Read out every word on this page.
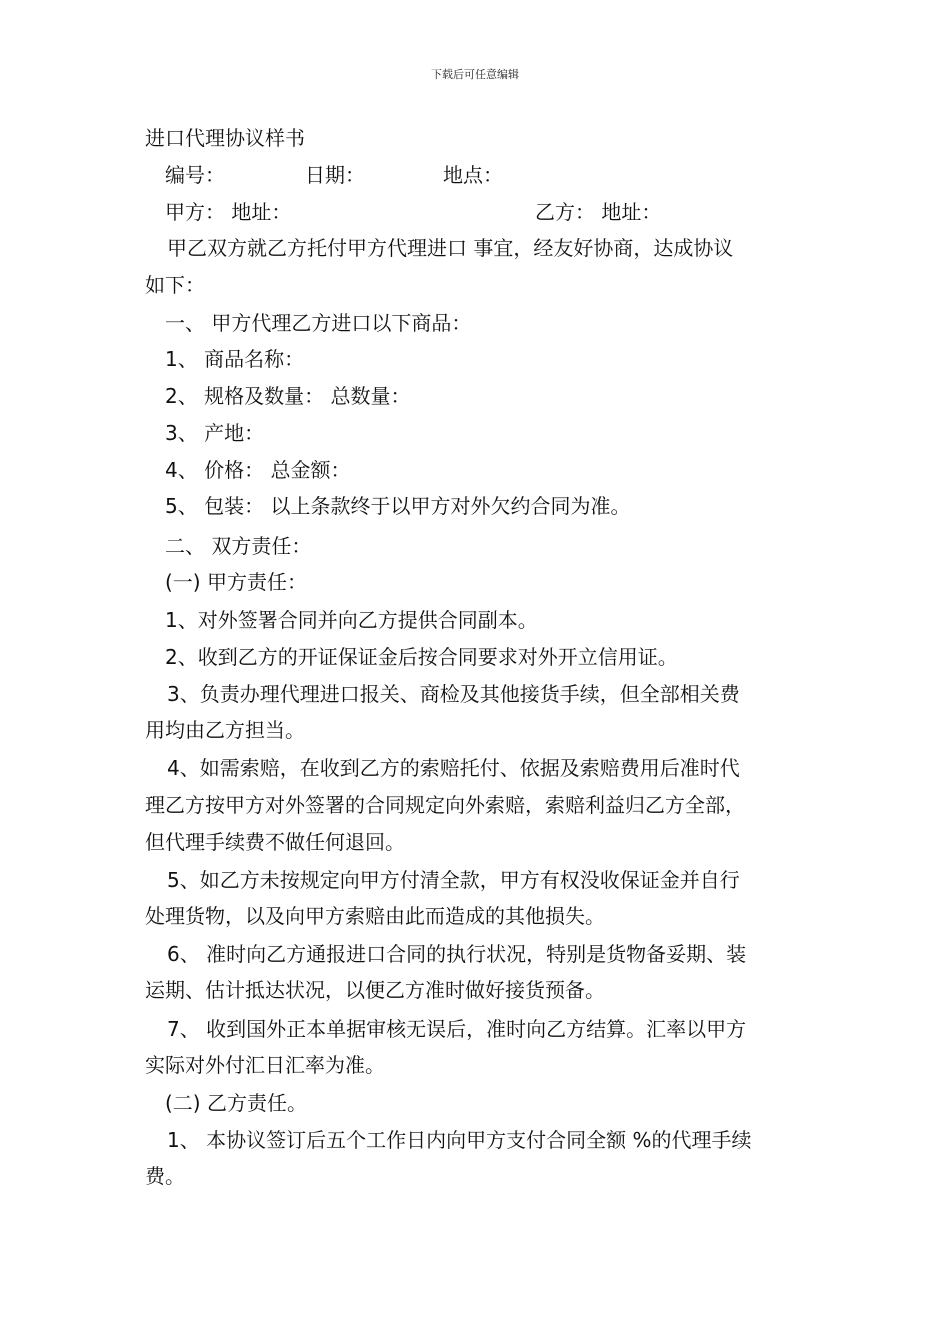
下载后可任意编辑
进口代理协议样书
编号：	日期：	地点：
甲方： 地址：	乙方： 地址：
甲乙双方就乙方托付甲方代理进口 事宜，经友好协商，达成协议
如下：
一、 甲方代理乙方进口以下商品：
1、 商品名称：
2、 规格及数量： 总数量：
3、 产地：
4、 价格： 总金额：
5、 包装： 以上条款终于以甲方对外欠约合同为准。
二、 双方责任：
(一) 甲方责任：
1、对外签署合同并向乙方提供合同副本。
2、收到乙方的开证保证金后按合同要求对外开立信用证。
3、负责办理代理进口报关、商检及其他接货手续，但全部相关费
用均由乙方担当。
4、如需索赔，在收到乙方的索赔托付、依据及索赔费用后准时代
理乙方按甲方对外签署的合同规定向外索赔，索赔利益归乙方全部，
但代理手续费不做任何退回。
5、如乙方未按规定向甲方付清全款，甲方有权没收保证金并自行
处理货物，以及向甲方索赔由此而造成的其他损失。
6、 准时向乙方通报进口合同的执行状况，特别是货物备妥期、装
运期、估计抵达状况，以便乙方准时做好接货预备。
7、 收到国外正本单据审核无误后，准时向乙方结算。汇率以甲方
实际对外付汇日汇率为准。
(二) 乙方责任。
1、 本协议签订后五个工作日内向甲方支付合同全额 %的代理手续
费。
